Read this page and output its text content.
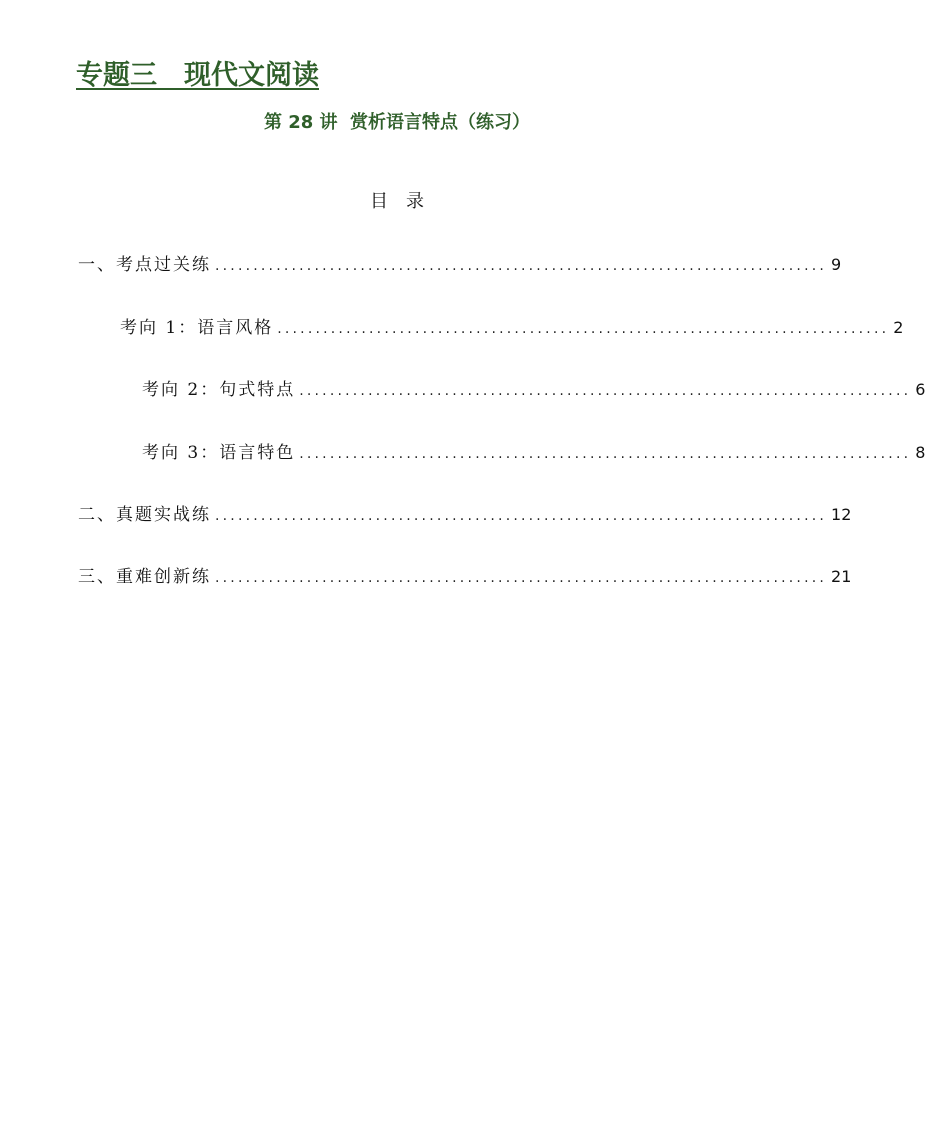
专题三　现代文阅读
第 28 讲  赏析语言特点（练习）
目　录
一、考点过关练 ................................................................................ 9
考向 1：语言风格 ................................................................................ 2
考向 2：句式特点 ................................................................................ 6
考向 3：语言特色 ................................................................................ 8
二、真题实战练 ................................................................................ 12
三、重难创新练 ................................................................................ 21
